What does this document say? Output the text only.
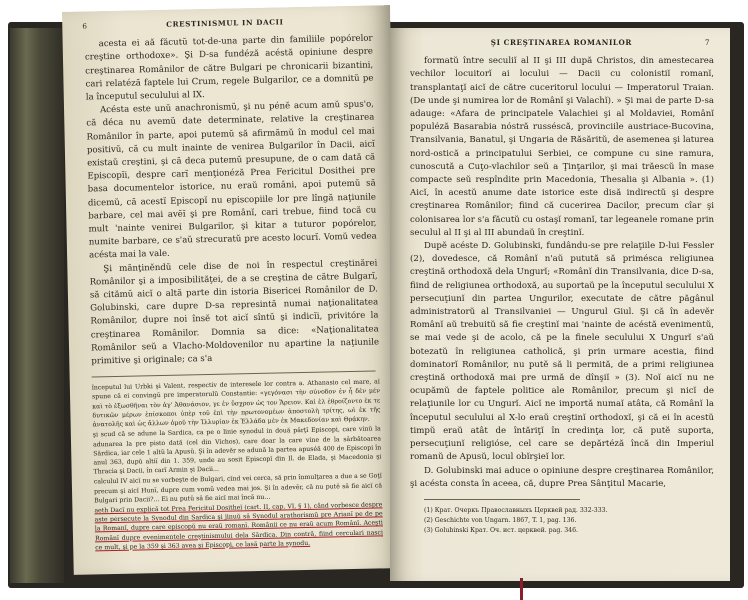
6	CRESTINISMUL IN DACII

acesta ei aă făcutŭ tot-de-una parte din familiile popórelor creştine orthodoxe». Şi D-sa fundéză acéstă opiniune despre creştinarea Românilor de către Bulgari pe chronicarii bizantini, cari relatéză faptele lui Crum, regele Bulgarilor, ce a domnitŭ pe la începutul seculului al IX.

Acésta este unŭ anachronismŭ, şi nu pénĕ acum amŭ spus'o, că déca nu avemŭ date determinate, relative la creştinarea Românilor în parte, apoi putemŭ să afirmămŭ în modul cel mai positivŭ, că cu mult inainte de venirea Bulgarilor în Dacii, aicĭ existaŭ creştini, şi că deca putemŭ presupune, de o cam dată că Episcopĭi, despre carĭ menţionéză Prea Fericitul Dosithei pre basa documentelor istorice, nu eraŭ români, apoi putemŭ să dicemŭ, că acestĭ Episcopĭ nu episcopiile lor pre lîngă naţiunile barbare, cel mai avĕĭ şi pre Românĭ, cari trebue, fiind tocă cu mult 'nainte venirei Bulgarilor, şi kitar a tuturor popórelor, numite barbare, ce s'aŭ strecuratŭ pre acesto locurĭ. Vomŭ vedea acésta mai la vale.

Şi mănţinĕndŭ cele dise de noi în respectul creştinărei Românilor şi a imposibilităţei, de a se creştina de către Bulgarĭ, să citămŭ aicĭ o altă parte din istoria Bisericei Românilor de D. Golubinski, care dupre D-sa represintă numai naţionalitatea Românilor, dupre noi însĕ tot aicĭ sîntŭ şi indicĭi, privitóre la creştinarea Românilor. Domnia sa dice: «Naţionalitatea Românilor seŭ a Vlacho-Moldovenilor nu apartine la naţiunile primitive şi originale; ca s'a

începutul lui Urbki şi Valent, respectiv de interesele lor contra a. Athanasio cel mare, aĭ spune că ei convingŭ pre imperatorulŭ Constantie: «γεγόνασι τὴν σύνοδον ἐν ἧ δὲν μέν καὶ τὸ ἐξωσθῆναι τὸν ἀγ' Ἀθανάσιον, γε ἐν ὕσχρον ὡς τον Ἄρειον. Καὶ ἐλ ἐθροίζοντο ἐκ τε δυτικῶν μέρων ἐπίσκοποι ὑπὲρ τοῦ ἐπὶ τὴν πρωτονομέων ἀποστολὴ τρίτης, ωὶ ἐκ τῆς ἀνατολῆς καὶ ὡς ἄλλων ὁμοῦ τὴν Ἰλλυρίαν ἐκ Ἑλλάδα μὲν ἐκ Μακεδονίαν καὶ Θρᾴκην.

şi scud că se adune la Sardica, ca pe o linie synodul in două părţĭ Episcopi, care vinŭ la adunarea la pre pisto dată (cel din Vichos), care doar la care vine de la sărbătoarea Sărdica, iar cele 1 altŭ la Apusŭ. Şi în adevĕr se adună la partea apuséă 400 de Episcopi în anul 363, dupŭ altiĭ din 1. 359, unde au sosit Episcopĭ din Il. de Elada, şi Macedonia şi Thracia şi Dacii, în carĭ Armin şi Dacii...

calculul IV aicĭ nu se vorbeşte de Bulgari, cĭnd vei cerca, să prin înmulţarea a due a se Goţĭ precum şi aicĭ Hunĭ, dupre cum vomŭ vedea mai jos. Şi în adevĕr, că nu putĕ să fie aicĭ că Bulgari prin Dacii?... Ei nu putŭ să fie aicĭ mai încă nu...

aeth Dacĭ nu explică tot Prea Fericitul Dositheĭ (cart. II, cap. VI, § 1), când vorbesce despre aste persecute la Synodul din Sardica şi jinuŭ să Synodul arathorismŭ pre Arianĭ pe de pe la Romanĭ, dupre care episcopŭ nu eraŭ romanĭ. Românii ce nu eraŭ acum Românĭ. Aceşti Românĭ dupre evenimentele creştinismului dela Sărdica. Din contră, fiind cerculari nasci ce mult, şi pe la 359 şi 363 avea şi Episcopi, ce lasă parte la synodu.

ŞI CREŞTINAREA ROMANILOR	7

formatŭ între seculiĭ al II şi III după Christos, din amestecarea vechilor locuitorĭ ai locului — Dacii cu colonistiĭ romanĭ, transplantaţĭ aicĭ de către cuceritorul locului — Imperatorul Traian. (De unde şi numirea lor de Românĭ şi Valachĭ). » Şi mai de parte D-sa adauge: «Afara de principatele Valachiei şi al Moldaviei, Românĭ populéză Basarabia nóstră russéscă, provinciile austriace-Bucovina, Transilvania, Banatul, şi Ungaria de Răsăritŭ, de asemenea şi laturea nord-ostică a principatului Serbiei, ce compune cu sine ramura, cunoscută a Cuţo-vlachilor seŭ a Ţinţarilor, şi mai trăescŭ în mase compacte seŭ respîndite prin Macedonia, Thesalia şi Albania ». (1) Aicĭ, în acestŭ anume date istorice este disă indirectŭ şi despre creştinarea Românilor; fiind că cucerirea Dacilor, precum cîar şi colonisarea lor s'a făcutŭ cu ostaşĭ romanĭ, tar legeanele romane prin seculul al II şi al III abundaŭ în creştinĭ.

Dupĕ acéste D. Golubinski, fundându-se pre relaţiile D-lui Fessler (2), dovedesce, că Românĭ n'aŭ putută să primésca religiunea creştină orthodoxă dela Ungurĭ; «Românĭ din Transilvania, dice D-sa, fiind de religiunea orthodoxă, au suportaŭ pe la începutul seculului X persecuţiunĭ din partea Ungurilor, executate de către păgânul administratorŭ al Transilvaniei — Ungurul Giul. Şi că în adevĕr Românĭ aŭ trebuitŭ să fie creştinĭ mai 'nainte de acéstă evenimentŭ, se mai vede şi de acolo, că pe la finele seculului X Ungurĭ s'aŭ botezatŭ în religiunea catholică, şi prin urmare acestia, fiind dominatorĭ Românilor, nu putĕ să li permită, de a primi religiunea creştină orthodoxă mai pre urmă de dînşiĭ » (3). Noĭ aicĭ nu ne ocupămŭ de faptele politice ale Românilor, precum şi nicĭ de relaţiunile lor cu Ungurĭ. Aicĭ ne importă numaĭ atâta, că Românĭ la începutul seculului al X-lo eraŭ creştinĭ orthodoxĭ, şi că ei în acestŭ timpŭ eraŭ atât de întăriţĭ în credinţa lor, că putĕ suporta, persecuţiunĭ religióse, cel care se depărtéză încă din Imperiul romanŭ de Apusŭ, locul obĭrşieĭ lor.

D. Golubinski mai aduce o opiniune despre creştinarea Românilor, şi acésta consta în aceea, că, dupre Prea Sânţitul Macarie,

(1) Крат. Очеркъ Православныхъ Церквей рад. 332-333.

(2) Geschichte von Ungarn. 1867, T. 1, pag. 136.

(3) Golubinski Крат. Оч. ист. церквей. pag. 346.
